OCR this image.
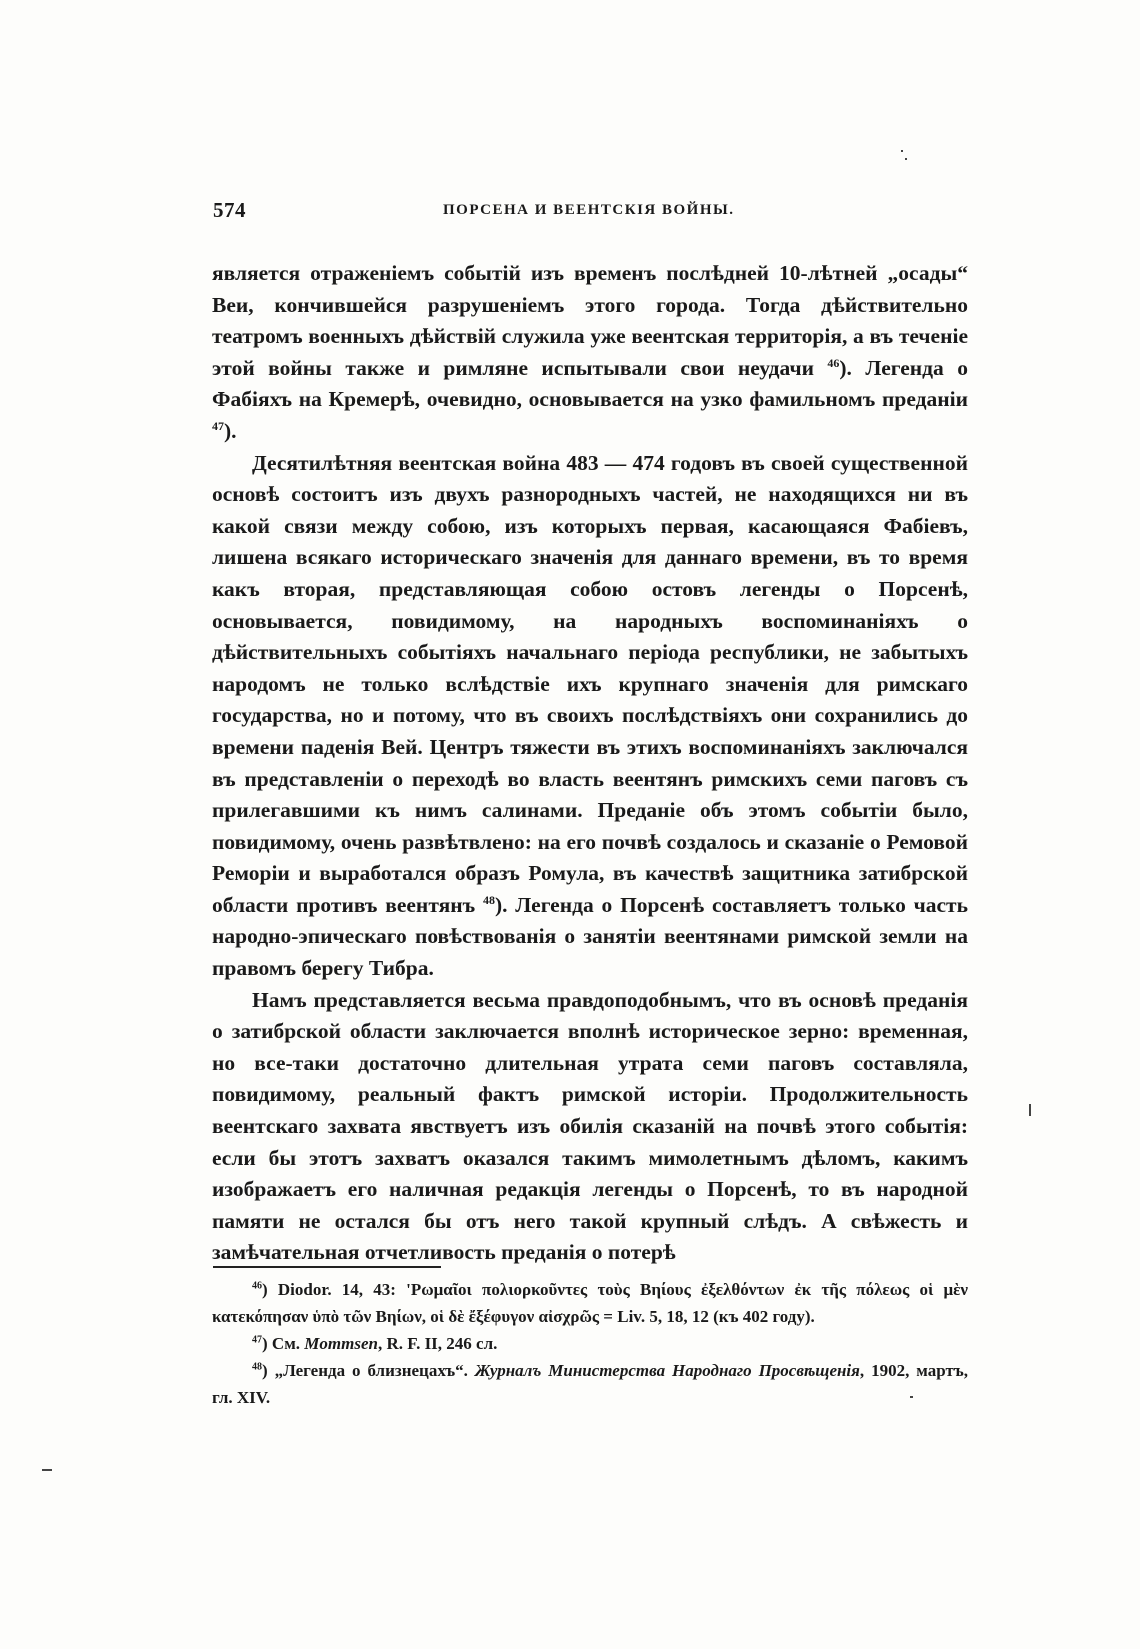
574	ПОРСЕНА И ВЕЕНТСКІЯ ВОЙНЫ.

является отраженіемъ событій изъ временъ послѣдней 10-лѣтней „осады“ Веи, кончившейся разрушеніемъ этого города. Тогда дѣйствительно театромъ военныхъ дѣйствій служила уже веентская территорія, а въ теченіе этой войны также и римляне испытывали свои неудачи $^{46}$). Легенда о Фабіяхъ на Кремерѣ, очевидно, основывается на узко фамильномъ преданіи $^{47}$).

Десятилѣтняя веентская война 483 — 474 годовъ въ своей существенной основѣ состоитъ изъ двухъ разнородныхъ частей, не находящихся ни въ какой связи между собою, изъ которыхъ первая, касающаяся Фабіевъ, лишена всякаго историческаго значенія для даннаго времени, въ то время какъ вторая, представляющая собою остовъ легенды о Порсенѣ, основывается, повидимому, на народныхъ воспоминаніяхъ о дѣйствительныхъ событіяхъ начальнаго періода республики, не забытыхъ народомъ не только вслѣдствіе ихъ крупнаго значенія для римскаго государства, но и потому, что въ своихъ послѣдствіяхъ они сохранились до времени паденія Вей. Центръ тяжести въ этихъ воспоминаніяхъ заключался въ представленіи о переходѣ во власть веентянъ римскихъ семи паговъ съ прилегавшими къ нимъ салинами. Преданіе объ этомъ событіи было, повидимому, очень развѣтвлено: на его почвѣ создалось и сказаніе о Ремовой Реморіи и выработался образъ Ромула, въ качествѣ защитника затибрской области противъ веентянъ $^{48}$). Легенда о Порсенѣ составляетъ только часть народно-эпическаго повѣствованія о занятіи веентянами римской земли на правомъ берегу Тибра.

Намъ представляется весьма правдоподобнымъ, что въ основѣ преданія о затибрской области заключается вполнѣ историческое зерно: временная, но все-таки достаточно длительная утрата семи паговъ составляла, повидимому, реальный фактъ римской исторіи. Продолжительность веентскаго захвата явствуетъ изъ обилія сказаній на почвѣ этого событія: если бы этотъ захватъ оказался такимъ мимолетнымъ дѣломъ, какимъ изображаетъ его наличная редакція легенды о Порсенѣ, то въ народной памяти не остался бы отъ него такой крупный слѣдъ. А свѣжесть и замѣчательная отчетливость преданія о потерѣ

$^{46}$) Diodor. 14, 43: 'Ρωμαῖοι πολιορκοῦντες τοὺς Βηίους ἐξελθόντων ἐκ τῆς πόλεως οἱ μὲν κατεκόπησαν ὑπὸ τῶν Βηίων, οἱ δὲ ἔξέφυγον αἰσχρῶς = Liv. 5, 18, 12 (къ 402 году).

$^{47}$) См. Mommsen, R. F. II, 246 сл.

$^{48}$) „Легенда о близнецахъ“. Журналъ Министерства Народнаго Просвѣщенія, 1902, мартъ, гл. XIV.
